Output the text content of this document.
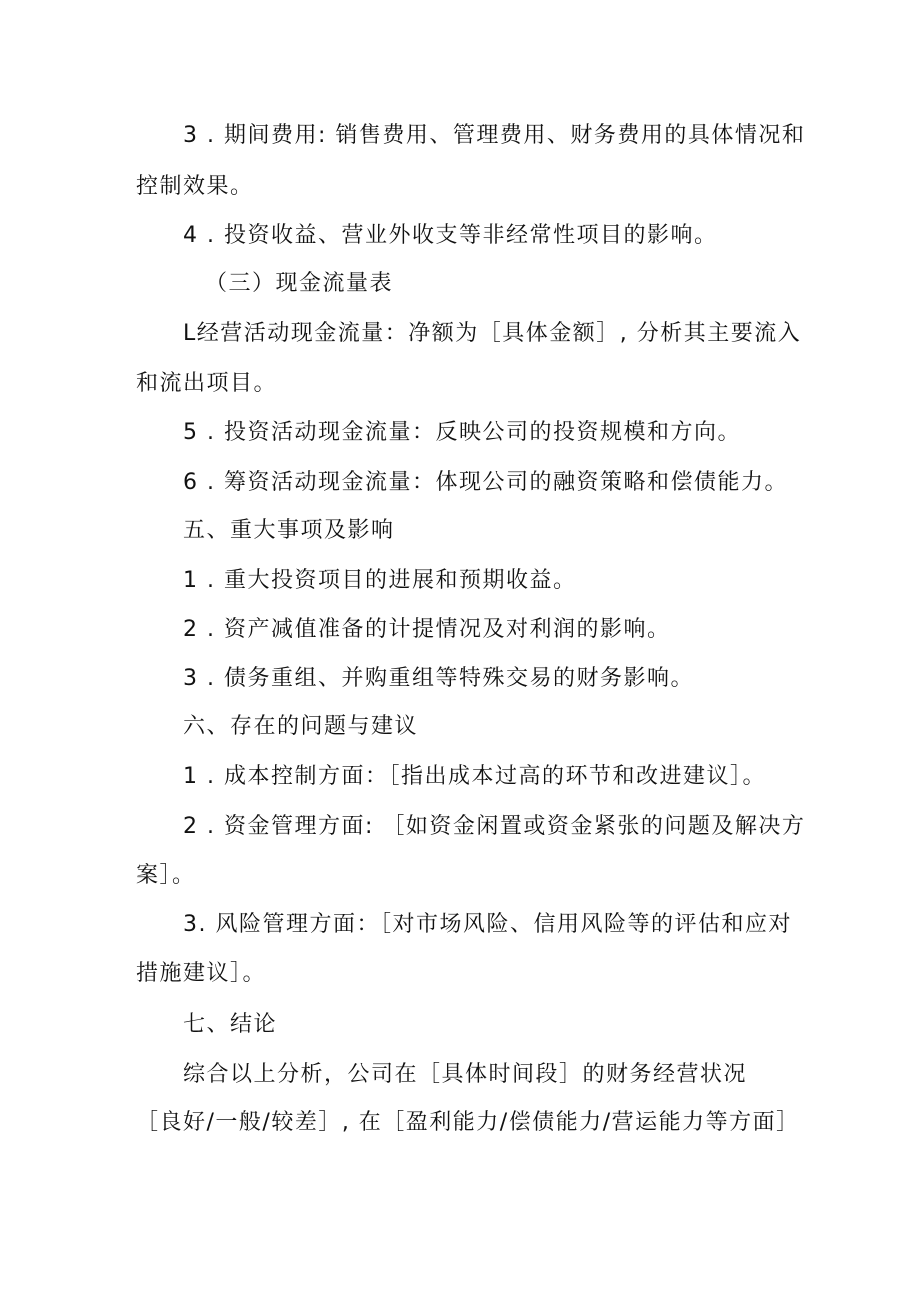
3 . 期间费用: 销售费用、管理费用、财务费用的具体情况和
控制效果。
4 . 投资收益、营业外收支等非经常性项目的影响。
（三）现金流量表
L经营活动现金流量：净额为［具体金额］, 分析其主要流入
和流出项目。
5 . 投资活动现金流量：反映公司的投资规模和方向。
6 . 筹资活动现金流量：体现公司的融资策略和偿债能力。
五、重大事项及影响
1 . 重大投资项目的进展和预期收益。
2 . 资产减值准备的计提情况及对利润的影响。
3 . 债务重组、并购重组等特殊交易的财务影响。
六、存在的问题与建议
1 . 成本控制方面：［指出成本过高的环节和改进建议］。
2 . 资金管理方面: ［如资金闲置或资金紧张的问题及解决方
案］。
3. 风险管理方面：［对市场风险、信用风险等的评估和应对
措施建议］。
七、结论
综合以上分析，公司在［具体时间段］的财务经营状况
［良好/一般/较差］, 在［盈利能力/偿债能力/营运能力等方面］
